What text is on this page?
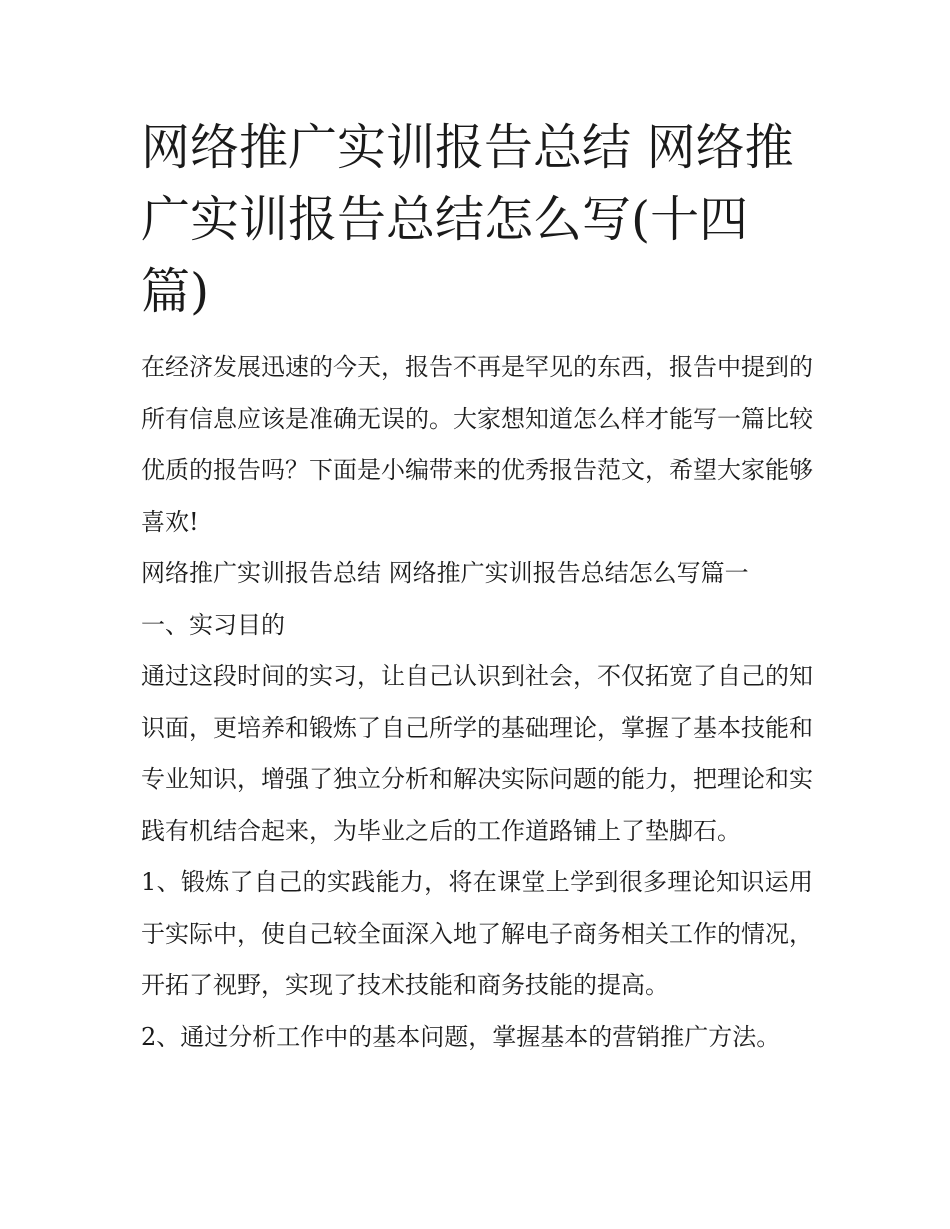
网络推广实训报告总结 网络推广实训报告总结怎么写(十四篇)

在经济发展迅速的今天，报告不再是罕见的东西，报告中提到的所有信息应该是准确无误的。大家想知道怎么样才能写一篇比较优质的报告吗？下面是小编带来的优秀报告范文，希望大家能够喜欢!

网络推广实训报告总结 网络推广实训报告总结怎么写篇一

一、实习目的

通过这段时间的实习，让自己认识到社会，不仅拓宽了自己的知识面，更培养和锻炼了自己所学的基础理论，掌握了基本技能和专业知识，增强了独立分析和解决实际问题的能力，把理论和实践有机结合起来，为毕业之后的工作道路铺上了垫脚石。

1、锻炼了自己的实践能力，将在课堂上学到很多理论知识运用于实际中，使自己较全面深入地了解电子商务相关工作的情况，开拓了视野，实现了技术技能和商务技能的提高。

2、通过分析工作中的基本问题，掌握基本的营销推广方法。
